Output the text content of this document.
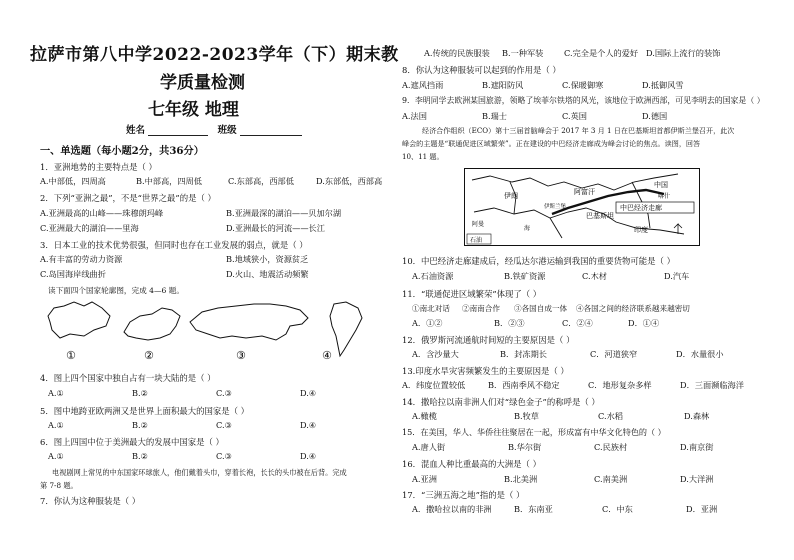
拉萨市第八中学2022-2023学年（下）期末教
学质量检测
七年级 地理
姓名	班级
一、单选题（每小题2分，共36分）
1．亚洲地势的主要特点是（ ）
A.中部低，四周高	B.中部高，四周低	C.东部高，西部低	D.东部低，西部高
2．下列“亚洲之最”，不是“世界之最”的是（ ）
A.亚洲最高的山峰——珠穆朗玛峰	B.亚洲最深的湖泊——贝加尔湖
C.亚洲最大的湖泊——里海	D.亚洲最长的河流——长江
3．日本工业的技术优势很强，但同时也存在工业发展的弱点，就是（ ）
A.有丰富的劳动力资源	B.地域狭小，资源贫乏
C.岛国海岸线曲折	D.火山、地震活动频繁
读下面四个国家轮廓图，完成 4—6 题。
①	②	③	④
4．图上四个国家中独自占有一块大陆的是（ ）
A.①	B.②	C.③	D.④
5．图中地跨亚欧两洲又是世界上面积最大的国家是（ ）
A.①	B.②	C.③	D.④
6．图上四国中位于美洲最大的发展中国家是（ ）
A.①	B.②	C.③	D.④
电视剧网上常见的中东国家环球旅人，他们戴着头巾，穿着长袍，长长的头巾被在后背。完成
第 7-8 题。
7．你认为这种服装是（ ）
A.传统的民族服装 B.一种军装	C.完全是个人的爱好 D.国际上流行的装饰
8．你认为这种服装可以起到的作用是（ ）
A.遮风挡雨	B.遮阳防风	C.保暖御寒	D.抵御风雪
9．李明同学去欧洲某国旅游，领略了埃菲尔铁塔的风光，该地位于欧洲西部，可见李明去的国家是（ ）
A.法国	B.瑞士	C.英国	D.德国
经济合作组织（ECO）第十三届首脑峰会于 2017 年 3 月 1 日在巴基斯坦首都伊斯兰堡召开，此次
峰会的主题是“联通促进区域繁荣”。正在建设的中巴经济走廊成为峰会讨论的焦点。读图，回答
10、11 题。
伊朗	阿富汗
中国
喀什
中巴经济走廊
巴基斯坦
印度
伊斯兰堡
阿曼
海
石油
10．中巴经济走廊建成后，经瓜达尔港运输到我国的重要货物可能是（ ）
A.石油资源	B.铁矿资源	C.木材	D.汽车
11．“联通促进区域繁荣”体现了（ ）
①南北对话 ②南南合作 ③各国自成一体 ④各国之间的经济联系越来越密切
A．①②	B．②③	C．②④	D．①④
12．俄罗斯河流通航时间短的主要原因是（ ）
A．含沙量大	B．封冻期长	C．河道狭窄	D．水量很小
13.印度水旱灾害频繁发生的主要原因是（ ）
A．纬度位置较低	B．西南季风不稳定	C．地形复杂多样	D．三面濒临海洋
14．撒哈拉以南非洲人们对“绿色金子”的称呼是（ ）
A.橄榄	B.牧草	C.水稻	D.森林
15．在美国，华人、华侨往往聚居在一起，形成富有中华文化特色的（ ）
A.唐人街	B.华尔街	C.民族村	D.南京街
16．混血人种比重最高的大洲是（ ）
A.亚洲	B.北美洲	C.南美洲	D.大洋洲
17．“三洲五海之地”指的是（ ）
A．撒哈拉以南的非洲	B．东南亚	C．中东	D．亚洲
